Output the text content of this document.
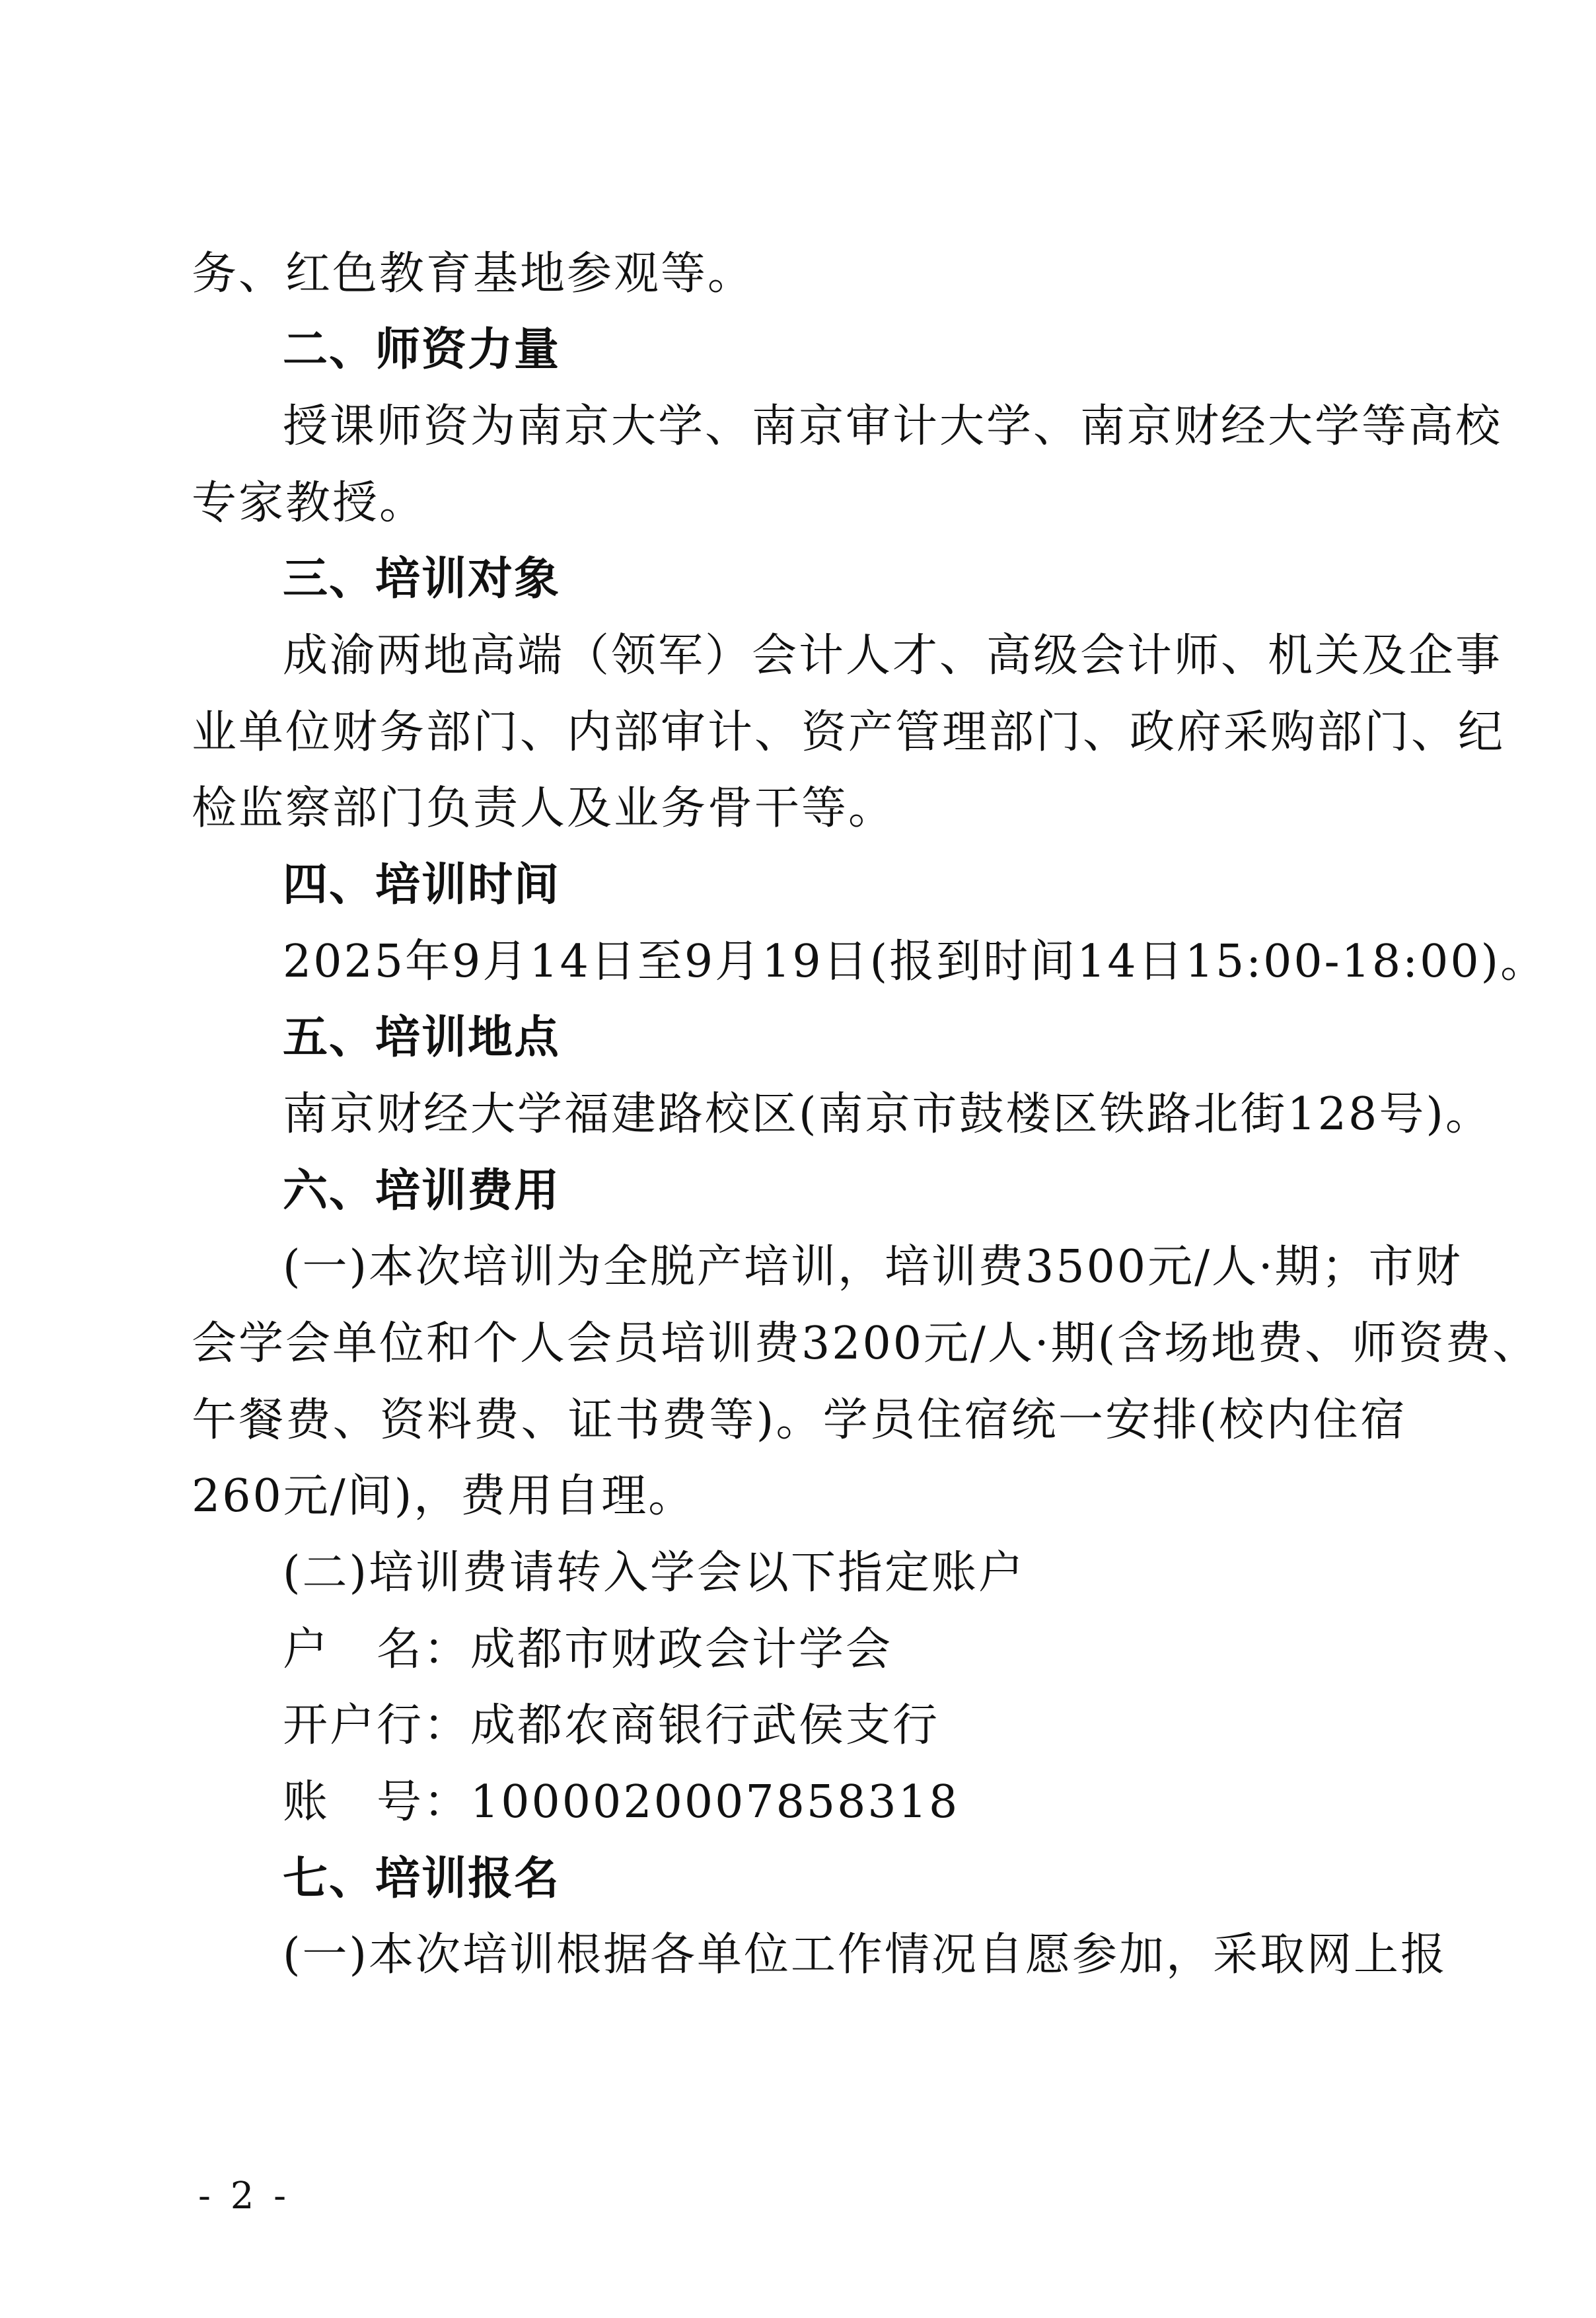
务、红色教育基地参观等。
二、师资力量
授课师资为南京大学、南京审计大学、南京财经大学等高校
专家教授。
三、培训对象
成渝两地高端（领军）会计人才、高级会计师、机关及企事
业单位财务部门、内部审计、资产管理部门、政府采购部门、纪
检监察部门负责人及业务骨干等。
四、培训时间
2025年9月14日至9月19日(报到时间14日15:00-18:00)。
五、培训地点
南京财经大学福建路校区(南京市鼓楼区铁路北街128号)。
六、培训费用
(一)本次培训为全脱产培训，培训费3500元/人·期；市财
会学会单位和个人会员培训费3200元/人·期(含场地费、师资费、
午餐费、资料费、证书费等)。学员住宿统一安排(校内住宿
260元/间)，费用自理。
(二)培训费请转入学会以下指定账户
户　名：成都市财政会计学会
开户行：成都农商银行武侯支行
账　号：1000020007858318
七、培训报名
(一)本次培训根据各单位工作情况自愿参加，采取网上报
- 2 -
